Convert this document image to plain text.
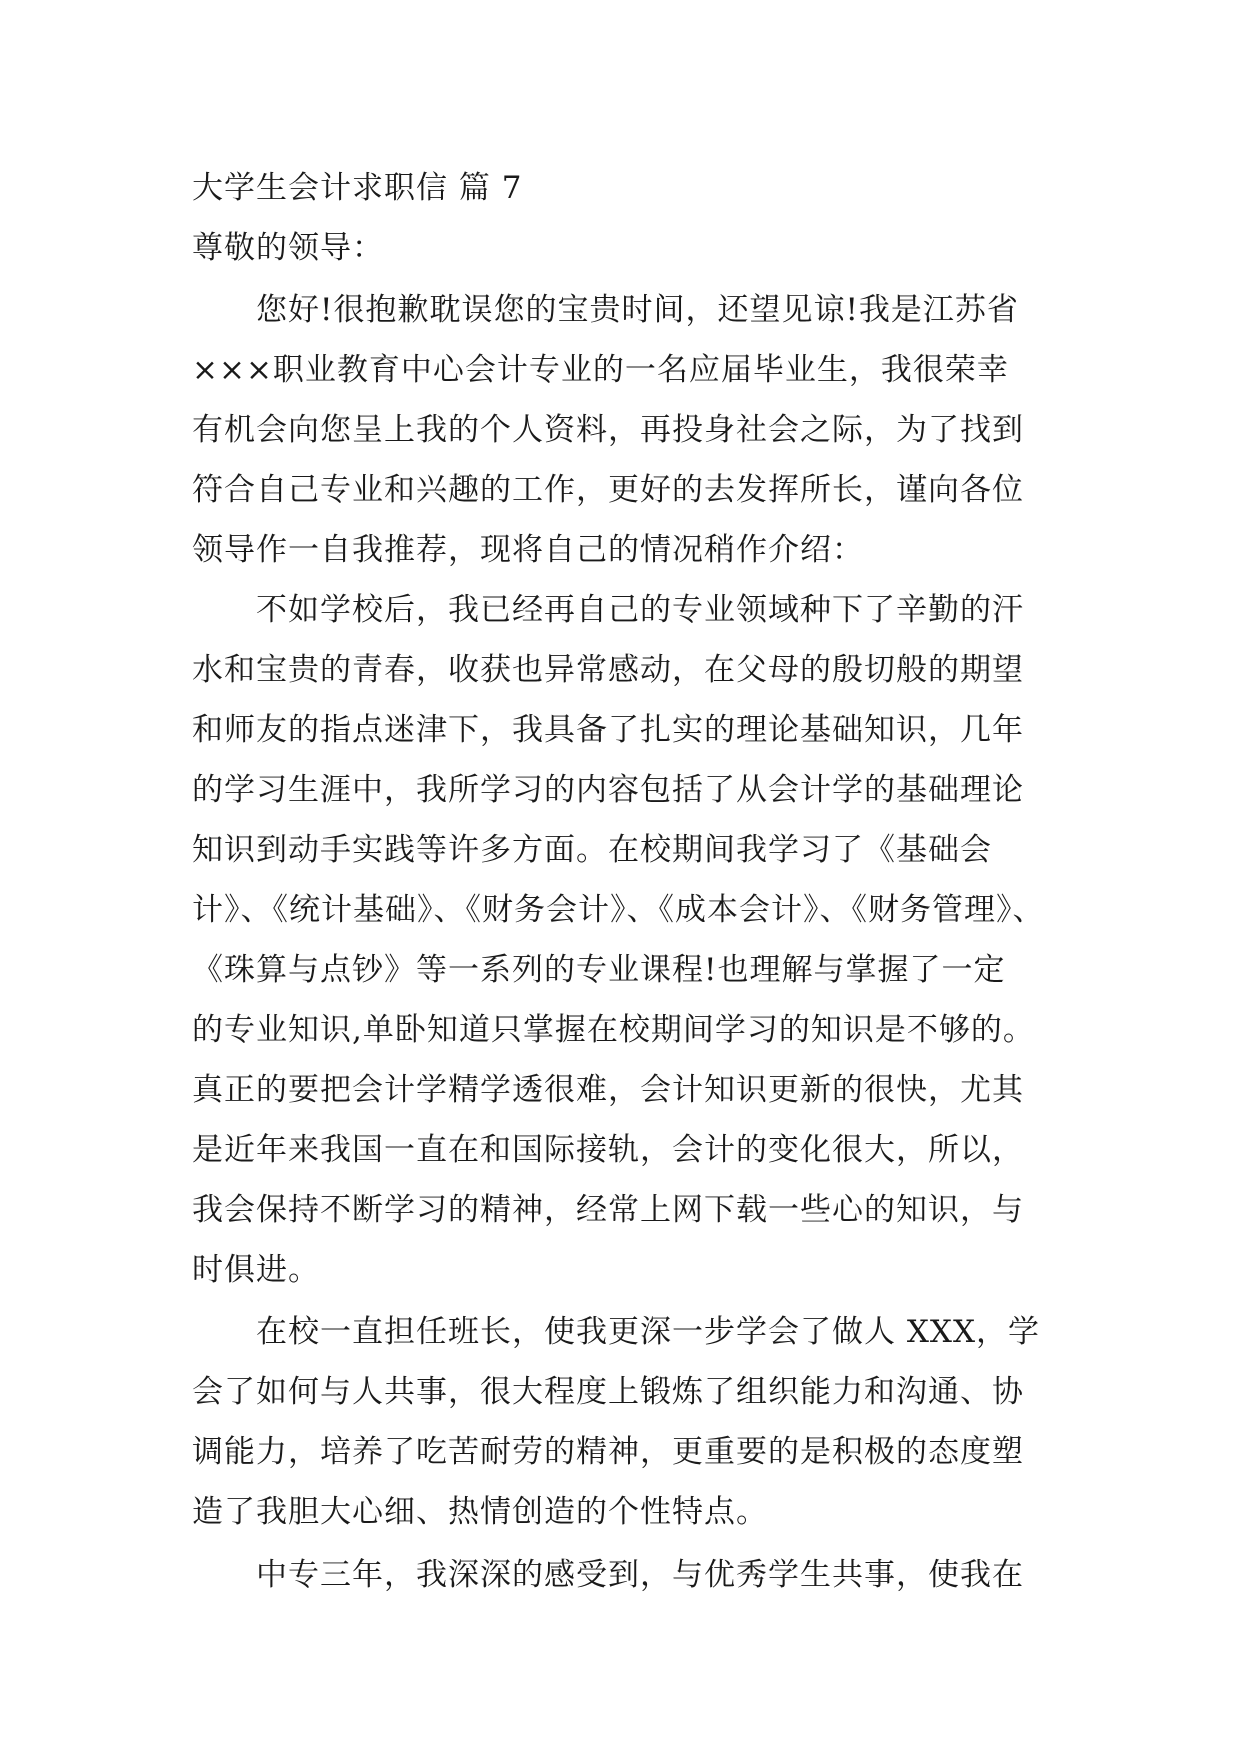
大学生会计求职信 篇 7
尊敬的领导：
您好!很抱歉耽误您的宝贵时间，还望见谅!我是江苏省
×××职业教育中心会计专业的一名应届毕业生，我很荣幸
有机会向您呈上我的个人资料，再投身社会之际，为了找到
符合自己专业和兴趣的工作，更好的去发挥所长，谨向各位
领导作一自我推荐，现将自己的情况稍作介绍：
不如学校后，我已经再自己的专业领域种下了辛勤的汗
水和宝贵的青春，收获也异常感动，在父母的殷切般的期望
和师友的指点迷津下，我具备了扎实的理论基础知识，几年
的学习生涯中，我所学习的内容包括了从会计学的基础理论
知识到动手实践等许多方面。在校期间我学习了《基础会
计》、《统计基础》、《财务会计》、《成本会计》、《财务管理》、
《珠算与点钞》等一系列的专业课程!也理解与掌握了一定
的专业知识,单卧知道只掌握在校期间学习的知识是不够的。
真正的要把会计学精学透很难，会计知识更新的很快，尤其
是近年来我国一直在和国际接轨，会计的变化很大，所以，
我会保持不断学习的精神，经常上网下载一些心的知识，与
时俱进。
在校一直担任班长，使我更深一步学会了做人 XXX，学
会了如何与人共事，很大程度上锻炼了组织能力和沟通、协
调能力，培养了吃苦耐劳的精神，更重要的是积极的态度塑
造了我胆大心细、热情创造的个性特点。
中专三年，我深深的感受到，与优秀学生共事，使我在
